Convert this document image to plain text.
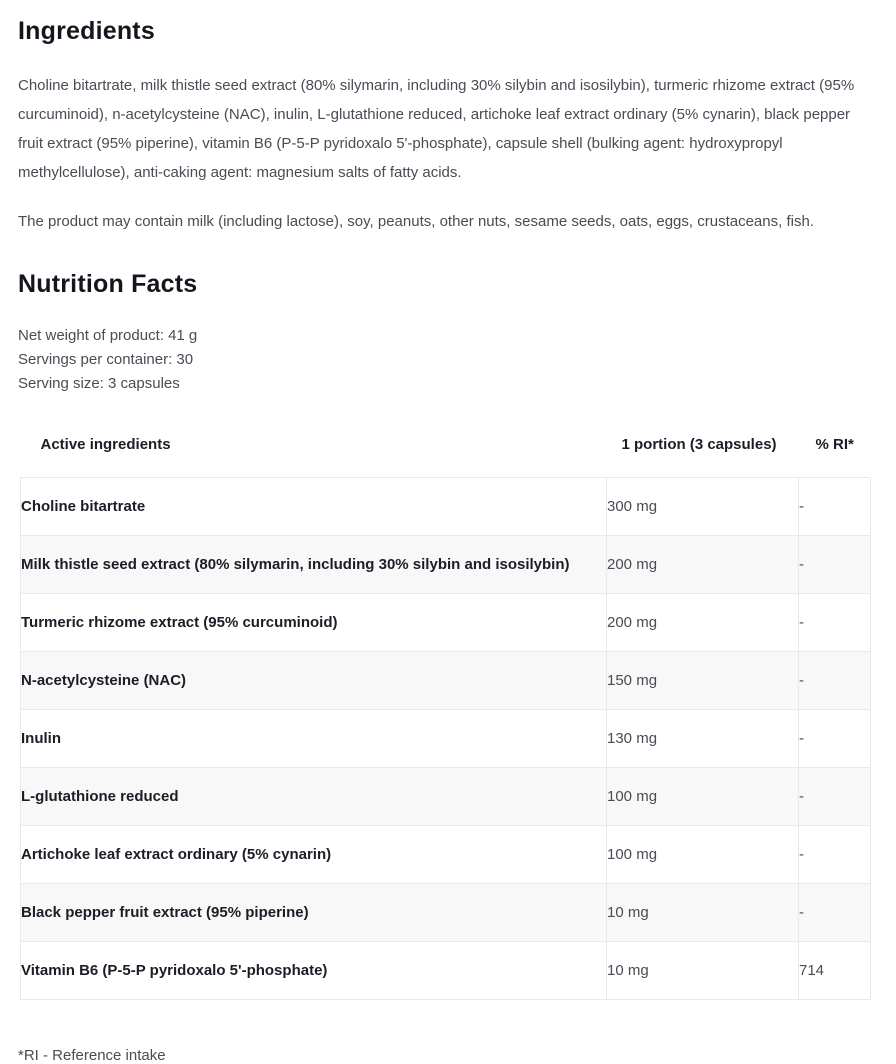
Ingredients

Choline bitartrate, milk thistle seed extract (80% silymarin, including 30% silybin and isosilybin), turmeric rhizome extract (95% curcuminoid), n-acetylcysteine (NAC), inulin, L-glutathione reduced, artichoke leaf extract ordinary (5% cynarin), black pepper fruit extract (95% piperine), vitamin B6 (P-5-P pyridoxalo 5'-phosphate), capsule shell (bulking agent: hydroxypropyl methylcellulose), anti-caking agent: magnesium salts of fatty acids.

The product may contain milk (including lactose), soy, peanuts, other nuts, sesame seeds, oats, eggs, crustaceans, fish.

Nutrition Facts
Net weight of product: 41 g
Servings per container: 30
Serving size: 3 capsules
Active ingredients	1 portion (3 capsules)	% RI*
Choline bitartrate	300 mg	-
Milk thistle seed extract (80% silymarin, including 30% silybin and isosilybin)	200 mg	-
Turmeric rhizome extract (95% curcuminoid)	200 mg	-
N-acetylcysteine (NAC)	150 mg	-
Inulin	130 mg	-
L-glutathione reduced	100 mg	-
Artichoke leaf extract ordinary (5% cynarin)	100 mg	-
Black pepper fruit extract (95% piperine)	10 mg	-
Vitamin B6 (P-5-P pyridoxalo 5'-phosphate)	10 mg	714
*RI - Reference intake
